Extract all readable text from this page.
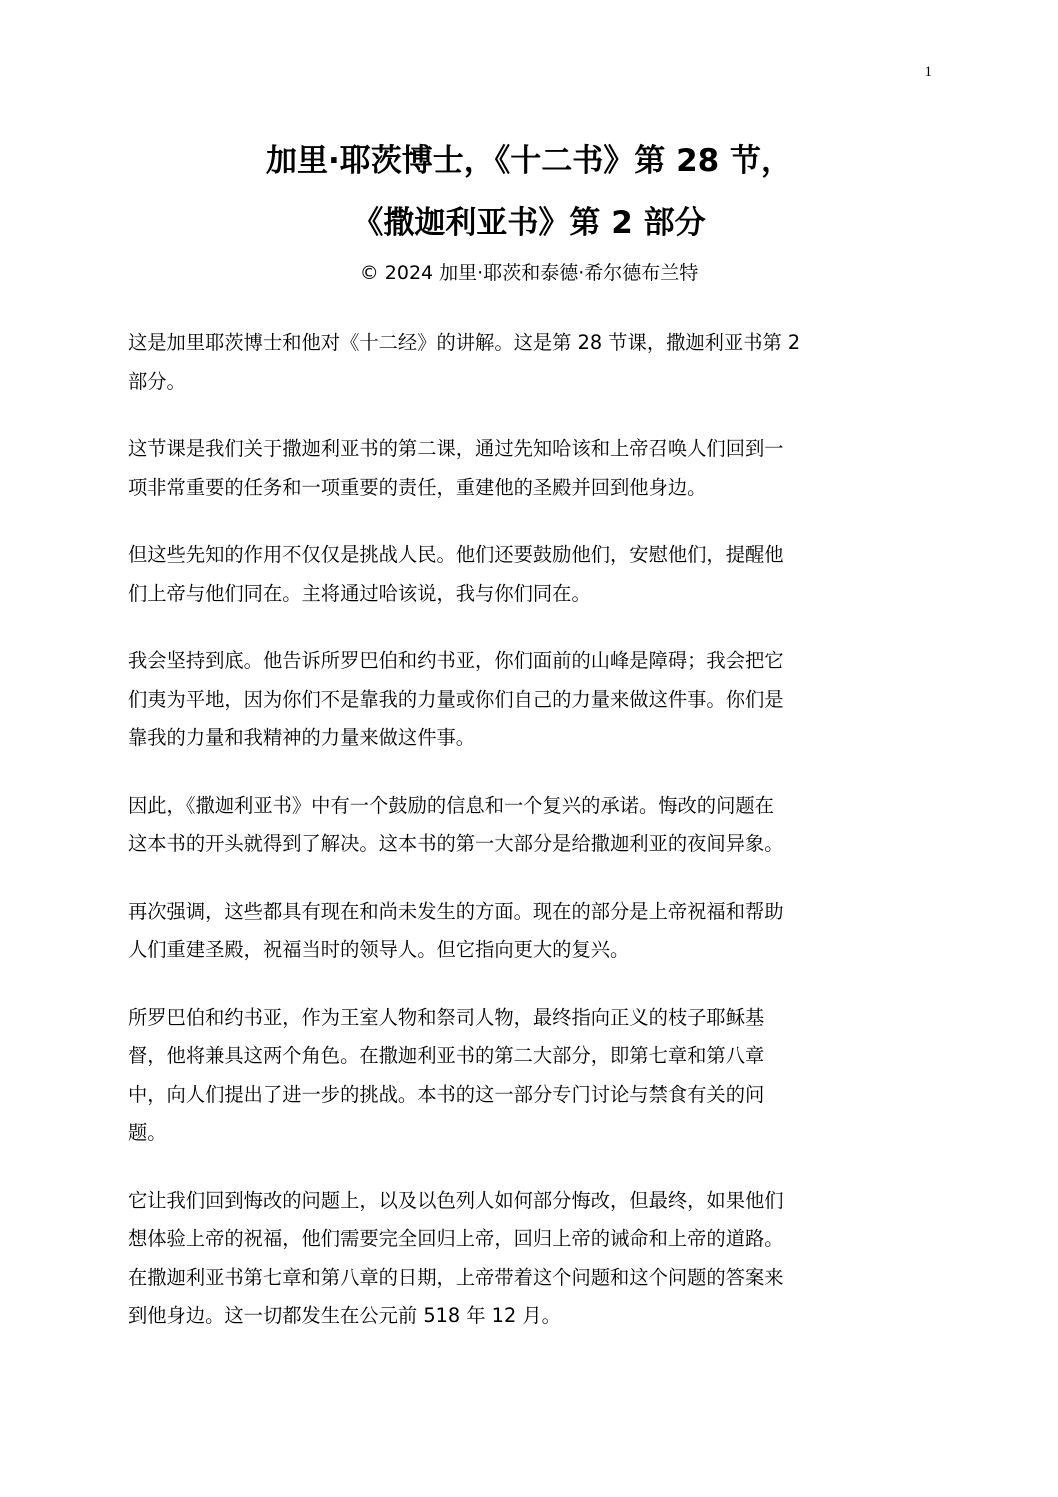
1
加里·耶茨博士，《十二书》第 28 节，
《撒迦利亚书》第 2 部分
© 2024 加里·耶茨和泰德·希尔德布兰特

这是加里耶茨博士和他对《十二经》的讲解。这是第 28 节课，撒迦利亚书第 2
部分。

这节课是我们关于撒迦利亚书的第二课，通过先知哈该和上帝召唤人们回到一
项非常重要的任务和一项重要的责任，重建他的圣殿并回到他身边。

但这些先知的作用不仅仅是挑战人民。他们还要鼓励他们，安慰他们，提醒他
们上帝与他们同在。主将通过哈该说，我与你们同在。

我会坚持到底。他告诉所罗巴伯和约书亚，你们面前的山峰是障碍；我会把它
们夷为平地，因为你们不是靠我的力量或你们自己的力量来做这件事。你们是
靠我的力量和我精神的力量来做这件事。

因此，《撒迦利亚书》中有一个鼓励的信息和一个复兴的承诺。悔改的问题在
这本书的开头就得到了解决。这本书的第一大部分是给撒迦利亚的夜间异象。

再次强调，这些都具有现在和尚未发生的方面。现在的部分是上帝祝福和帮助
人们重建圣殿，祝福当时的领导人。但它指向更大的复兴。

所罗巴伯和约书亚，作为王室人物和祭司人物，最终指向正义的枝子耶稣基
督，他将兼具这两个角色。在撒迦利亚书的第二大部分，即第七章和第八章
中，向人们提出了进一步的挑战。本书的这一部分专门讨论与禁食有关的问
题。

它让我们回到悔改的问题上，以及以色列人如何部分悔改，但最终，如果他们
想体验上帝的祝福，他们需要完全回归上帝，回归上帝的诫命和上帝的道路。
在撒迦利亚书第七章和第八章的日期，上帝带着这个问题和这个问题的答案来
到他身边。这一切都发生在公元前 518 年 12 月。
